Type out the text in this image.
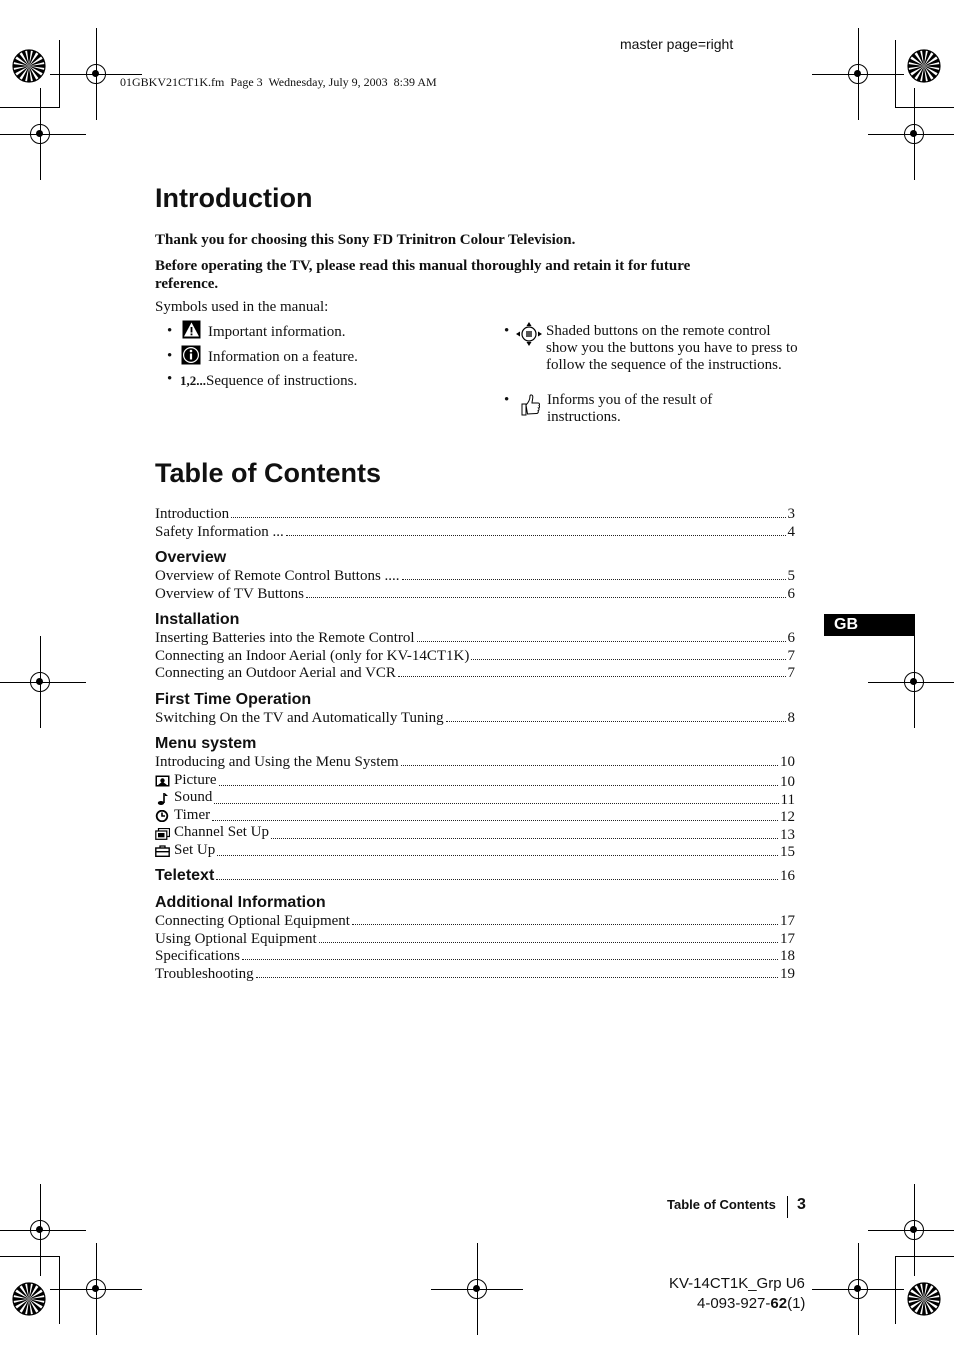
master page=right
01GBKV21CT1K.fm  Page 3  Wednesday, July 9, 2003  8:39 AM
Introduction
Thank you for choosing this Sony FD Trinitron Colour Television.
Before operating the TV, please read this manual thoroughly and retain it for future reference.
Symbols used in the manual:
• Important information.
• Information on a feature.
• 1,2...Sequence of instructions.
• Shaded buttons on the remote control show you the buttons you have to press to follow the sequence of the instructions.
•	Informs you of the result of instructions.
Table of Contents
Introduction	3
Safety Information ...	4
Overview
Overview of Remote Control Buttons ....	5
Overview of TV Buttons	6
Installation
Inserting Batteries into the Remote Control	6
Connecting an Indoor Aerial (only for KV-14CT1K)	7
Connecting an Outdoor Aerial and VCR	7
First Time Operation
Switching On the TV and Automatically Tuning	8
Menu system
Introducing and Using the Menu System	10
Picture	10
Sound	11
Timer	12
Channel Set Up	13
Set Up	15
Teletext	16
Additional Information
Connecting Optional Equipment	17
Using Optional Equipment	17
Specifications	18
Troubleshooting	19
GB
Table of Contents 3
KV-14CT1K_Grp U6
4-093-927-62(1)
